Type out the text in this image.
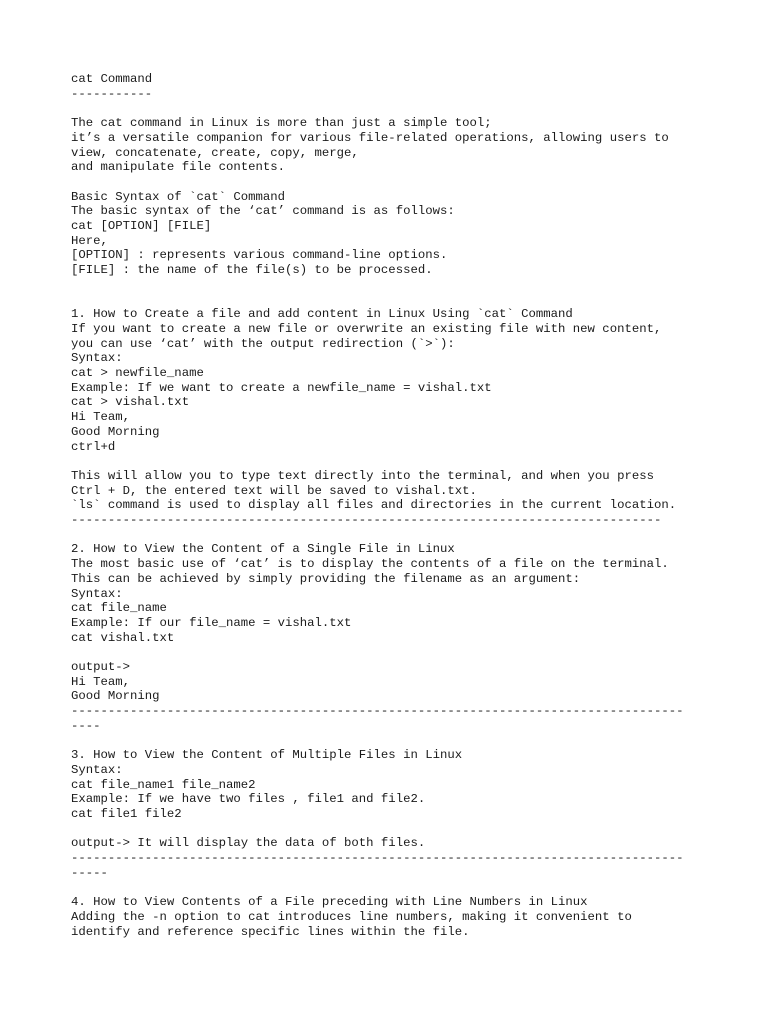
cat Command
-----------
The cat command in Linux is more than just a simple tool;
it’s a versatile companion for various file-related operations, allowing users to
view, concatenate, create, copy, merge,
and manipulate file contents.
Basic Syntax of `cat` Command
The basic syntax of the ‘cat’ command is as follows:
cat [OPTION] [FILE]
Here,
[OPTION] : represents various command-line options.
[FILE] : the name of the file(s) to be processed.
1. How to Create a file and add content in Linux Using `cat` Command
If you want to create a new file or overwrite an existing file with new content,
you can use ‘cat’ with the output redirection (`>`):
Syntax:
cat > newfile_name
Example: If we want to create a newfile_name = vishal.txt
cat > vishal.txt
Hi Team,
Good Morning
ctrl+d
This will allow you to type text directly into the terminal, and when you press
Ctrl + D, the entered text will be saved to vishal.txt.
`ls` command is used to display all files and directories in the current location.
--------------------------------------------------------------------------------
2. How to View the Content of a Single File in Linux
The most basic use of ‘cat’ is to display the contents of a file on the terminal.
This can be achieved by simply providing the filename as an argument:
Syntax:
cat file_name
Example: If our file_name = vishal.txt
cat vishal.txt
output->
Hi Team,
Good Morning
-----------------------------------------------------------------------------------
----
3. How to View the Content of Multiple Files in Linux
Syntax:
cat file_name1 file_name2
Example: If we have two files , file1 and file2.
cat file1 file2
output-> It will display the data of both files.
-----------------------------------------------------------------------------------
-----
4. How to View Contents of a File preceding with Line Numbers in Linux
Adding the -n option to cat introduces line numbers, making it convenient to
identify and reference specific lines within the file.
